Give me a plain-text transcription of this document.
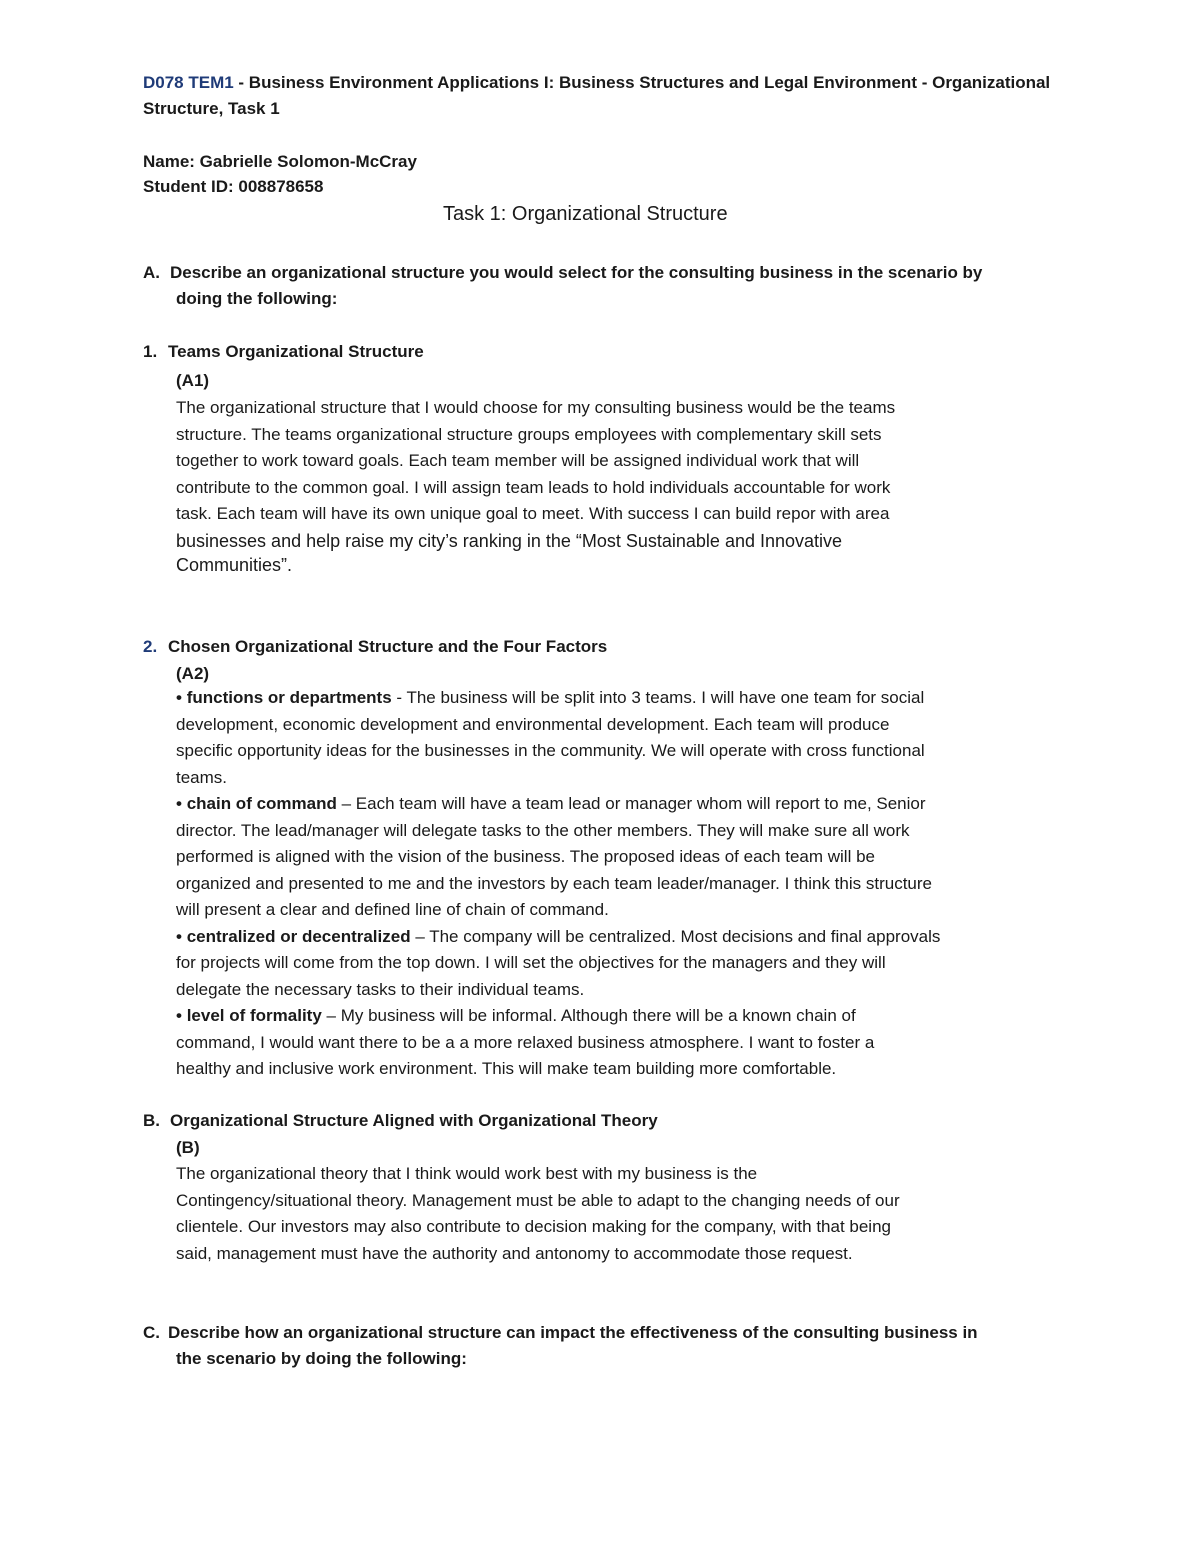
D078 TEM1 - Business Environment Applications I: Business Structures and Legal Environment - Organizational
Structure, Task 1
Name: Gabrielle Solomon-McCray
Student ID: 008878658
Task 1: Organizational Structure
A. Describe an organizational structure you would select for the consulting business in the scenario by
doing the following:
1. Teams Organizational Structure
(A1)

The organizational structure that I would choose for my consulting business would be the teams

structure. The teams organizational structure groups employees with complementary skill sets

together to work toward goals. Each team member will be assigned individual work that will

contribute to the common goal. I will assign team leads to hold individuals accountable for work

task. Each team will have its own unique goal to meet. With success I can build repor with area

businesses and help raise my city’s ranking in the “Most Sustainable and Innovative

Communities”.

2. Chosen Organizational Structure and the Four Factors
(A2)

• functions or departments - The business will be split into 3 teams. I will have one team for social

development, economic development and environmental development. Each team will produce

specific opportunity ideas for the businesses in the community. We will operate with cross functional

teams.

• chain of command – Each team will have a team lead or manager whom will report to me, Senior

director. The lead/manager will delegate tasks to the other members. They will make sure all work

performed is aligned with the vision of the business. The proposed ideas of each team will be

organized and presented to me and the investors by each team leader/manager. I think this structure

will present a clear and defined line of chain of command.

• centralized or decentralized – The company will be centralized. Most decisions and final approvals

for projects will come from the top down. I will set the objectives for the managers and they will

delegate the necessary tasks to their individual teams.

• level of formality – My business will be informal. Although there will be a known chain of

command, I would want there to be a a more relaxed business atmosphere. I want to foster a

healthy and inclusive work environment. This will make team building more comfortable.

B. Organizational Structure Aligned with Organizational Theory
(B)

The organizational theory that I think would work best with my business is the

Contingency/situational theory. Management must be able to adapt to the changing needs of our

clientele. Our investors may also contribute to decision making for the company, with that being

said, management must have the authority and antonomy to accommodate those request.

C. Describe how an organizational structure can impact the effectiveness of the consulting business in
the scenario by doing the following:
